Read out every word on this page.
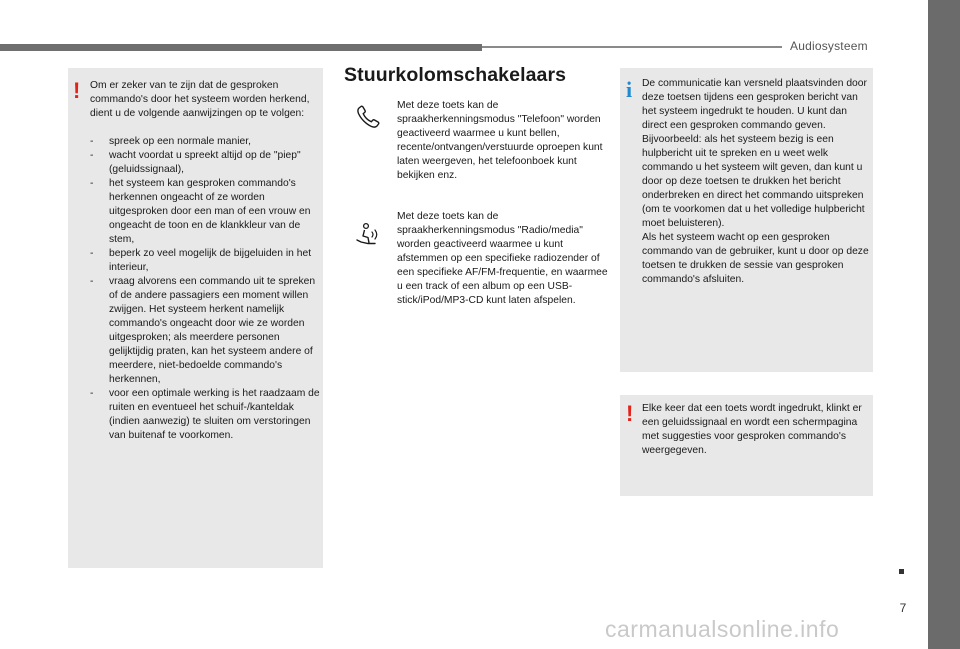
Audiosysteem
! Om er zeker van te zijn dat de gesproken commando's door het systeem worden herkend, dient u de volgende aanwijzingen op te volgen:
- spreek op een normale manier,
- wacht voordat u spreekt altijd op de "piep" (geluidssignaal),
- het systeem kan gesproken commando's herkennen ongeacht of ze worden uitgesproken door een man of een vrouw en ongeacht de toon en de klankkleur van de stem,
- beperk zo veel mogelijk de bijgeluiden in het interieur,
- vraag alvorens een commando uit te spreken of de andere passagiers een moment willen zwijgen. Het systeem herkent namelijk commando's ongeacht door wie ze worden uitgesproken; als meerdere personen gelijktijdig praten, kan het systeem andere of meerdere, niet-bedoelde commando's herkennen,
- voor een optimale werking is het raadzaam de ruiten en eventueel het schuif-/kanteldak (indien aanwezig) te sluiten om verstoringen van buitenaf te voorkomen.
Stuurkolomschakelaars
Met deze toets kan de spraakherkenningsmodus "Telefoon" worden geactiveerd waarmee u kunt bellen, recente/ontvangen/verstuurde oproepen kunt laten weergeven, het telefoonboek kunt bekijken enz.
Met deze toets kan de spraakherkenningsmodus "Radio/media" worden geactiveerd waarmee u kunt afstemmen op een specifieke radiozender of een specifieke AF/FM-frequentie, en waarmee u een track of een album op een USB-stick/iPod/MP3-CD kunt laten afspelen.
i De communicatie kan versneld plaatsvinden door deze toetsen tijdens een gesproken bericht van het systeem ingedrukt te houden. U kunt dan direct een gesproken commando geven.
Bijvoorbeeld: als het systeem bezig is een hulpbericht uit te spreken en u weet welk commando u het systeem wilt geven, dan kunt u door op deze toetsen te drukken het bericht onderbreken en direct het commando uitspreken (om te voorkomen dat u het volledige hulpbericht moet beluisteren).
Als het systeem wacht op een gesproken commando van de gebruiker, kunt u door op deze toetsen te drukken de sessie van gesproken commando's afsluiten.
! Elke keer dat een toets wordt ingedrukt, klinkt er een geluidssignaal en wordt een schermpagina met suggesties voor gesproken commando's weergegeven.
7
carmanualsonline.info
